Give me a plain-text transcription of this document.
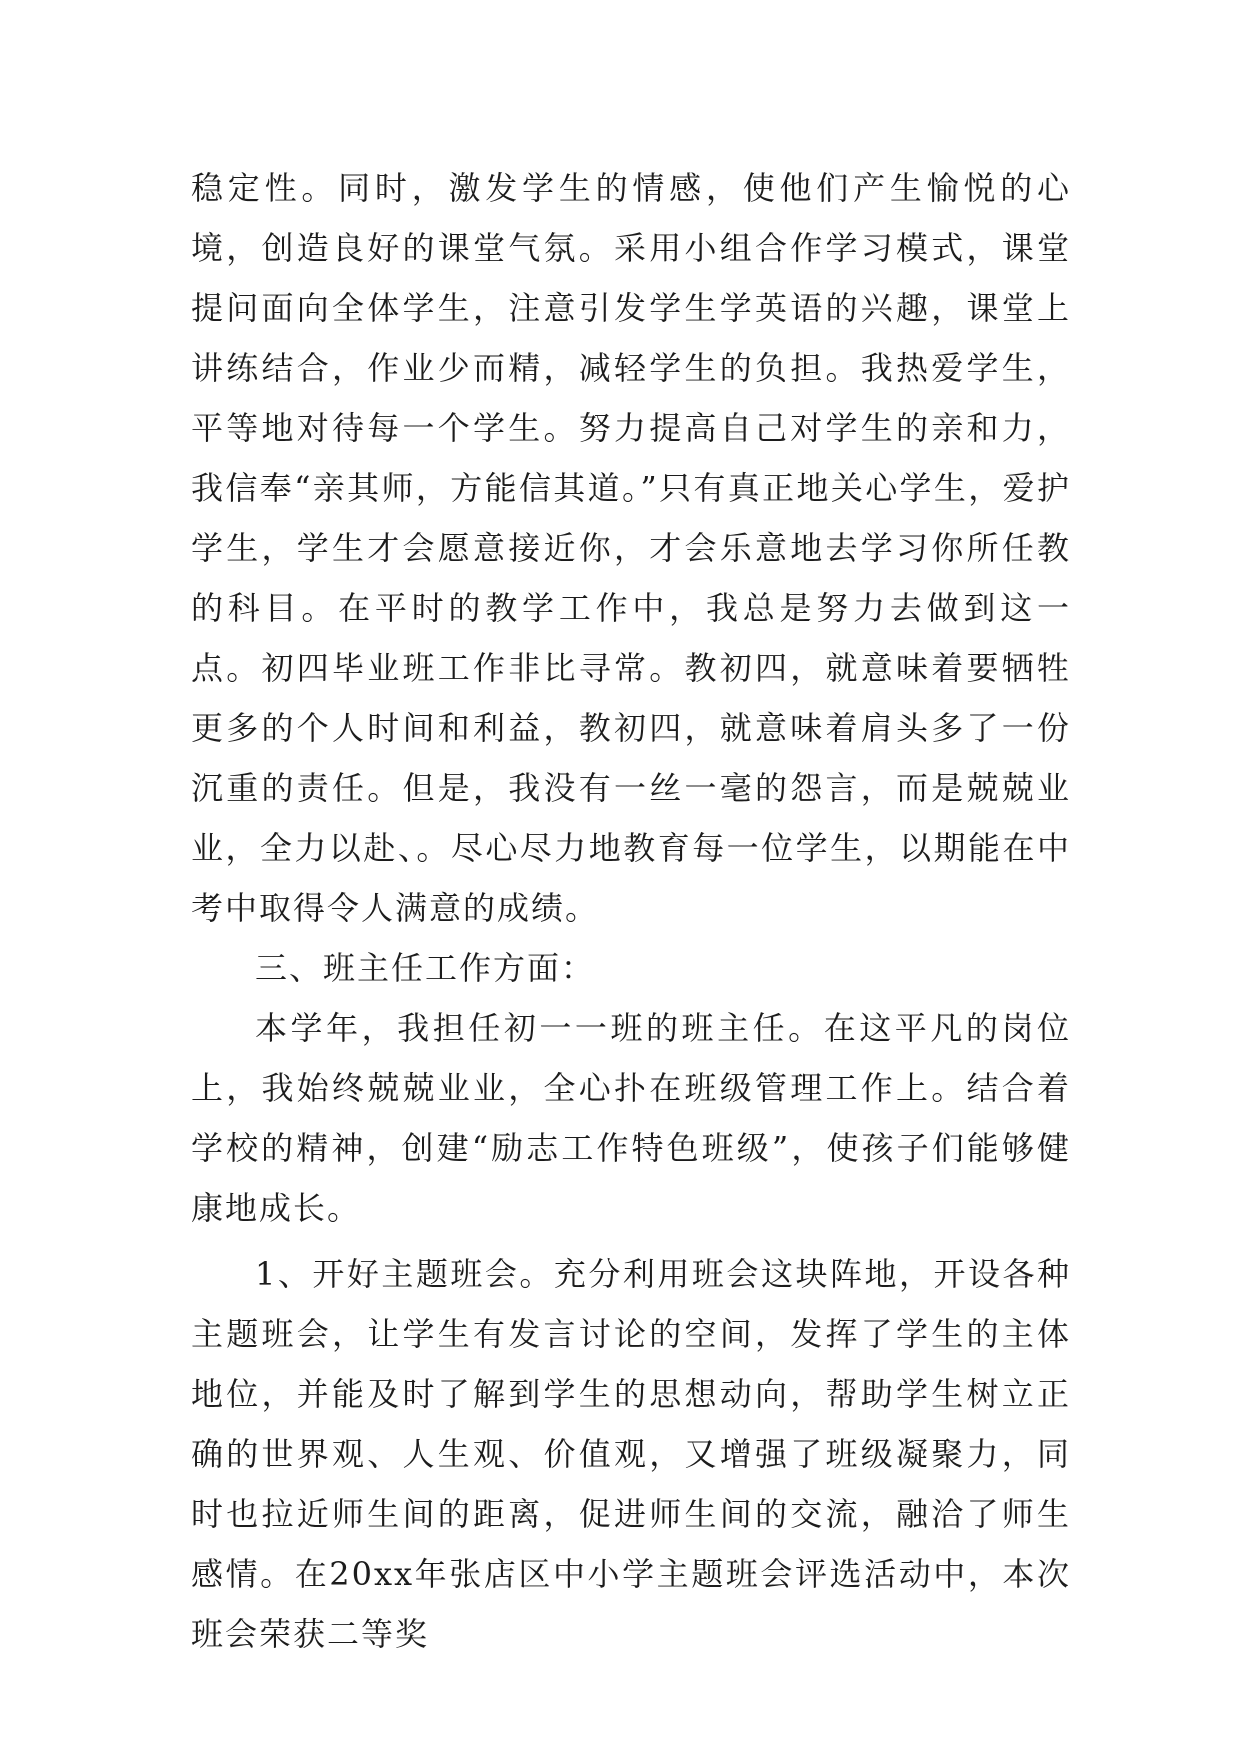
稳定性。同时，激发学生的情感，使他们产生愉悦的心境，创造良好的课堂气氛。采用小组合作学习模式，课堂提问面向全体学生，注意引发学生学英语的兴趣，课堂上讲练结合，作业少而精，减轻学生的负担。我热爱学生，平等地对待每一个学生。努力提高自己对学生的亲和力，我信奉“亲其师，方能信其道。”只有真正地关心学生，爱护学生，学生才会愿意接近你，才会乐意地去学习你所任教的科目。在平时的教学工作中，我总是努力去做到这一点。初四毕业班工作非比寻常。教初四，就意味着要牺牲更多的个人时间和利益，教初四，就意味着肩头多了一份沉重的责任。但是，我没有一丝一毫的怨言，而是兢兢业业，全力以赴、。尽心尽力地教育每一位学生，以期能在中考中取得令人满意的成绩。

三、班主任工作方面：

本学年，我担任初一一班的班主任。在这平凡的岗位上，我始终兢兢业业，全心扑在班级管理工作上。结合着学校的精神，创建“励志工作特色班级”，使孩子们能够健康地成长。

1、开好主题班会。充分利用班会这块阵地，开设各种主题班会，让学生有发言讨论的空间，发挥了学生的主体地位，并能及时了解到学生的思想动向，帮助学生树立正确的世界观、人生观、价值观，又增强了班级凝聚力，同时也拉近师生间的距离，促进师生间的交流，融洽了师生感情。在20xx年张店区中小学主题班会评选活动中，本次班会荣获二等奖
